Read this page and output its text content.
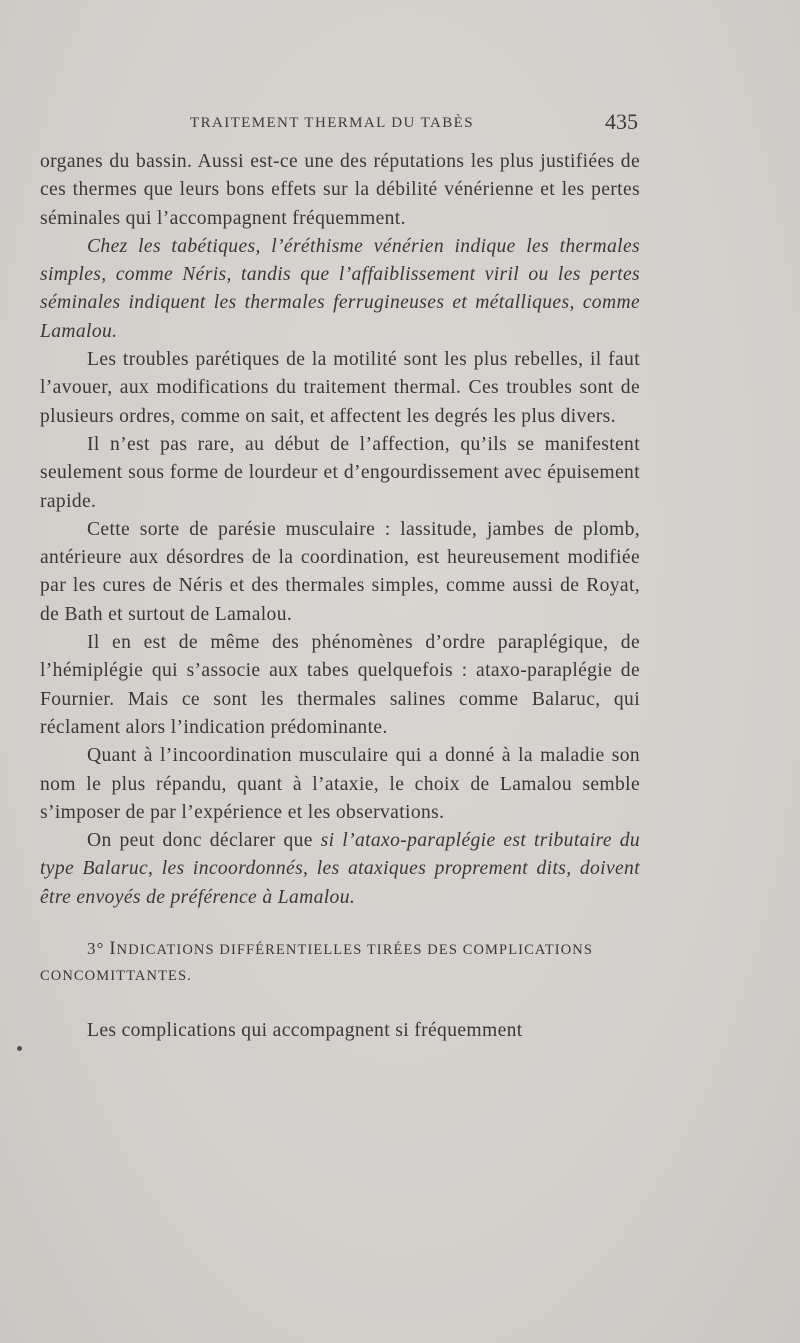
TRAITEMENT THERMAL DU TABÈS	435

organes du bassin. Aussi est-ce une des réputations les plus justifiées de ces thermes que leurs bons effets sur la débilité vénérienne et les pertes séminales qui l’accompagnent fréquemment.

Chez les tabétiques, l’éréthisme vénérien indique les thermales simples, comme Néris, tandis que l’affaiblissement viril ou les pertes séminales indiquent les thermales ferrugineuses et métalliques, comme Lamalou.

Les troubles parétiques de la motilité sont les plus rebelles, il faut l’avouer, aux modifications du traitement thermal. Ces troubles sont de plusieurs ordres, comme on sait, et affectent les degrés les plus divers.

Il n’est pas rare, au début de l’affection, qu’ils se manifestent seulement sous forme de lourdeur et d’engourdissement avec épuisement rapide.

Cette sorte de parésie musculaire : lassitude, jambes de plomb, antérieure aux désordres de la coordination, est heureusement modifiée par les cures de Néris et des thermales simples, comme aussi de Royat, de Bath et surtout de Lamalou.

Il en est de même des phénomènes d’ordre paraplégique, de l’hémiplégie qui s’associe aux tabes quelquefois : ataxo-paraplégie de Fournier. Mais ce sont les thermales salines comme Balaruc, qui réclament alors l’indication prédominante.

Quant à l’incoordination musculaire qui a donné à la maladie son nom le plus répandu, quant à l’ataxie, le choix de Lamalou semble s’imposer de par l’expérience et les observations.

On peut donc déclarer que si l’ataxo-paraplégie est tributaire du type Balaruc, les incoordonnés, les ataxiques proprement dits, doivent être envoyés de préférence à Lamalou.

3° INDICATIONS DIFFÉRENTIELLES TIRÉES DES COMPLICATIONS CONCOMITTANTES.

Les complications qui accompagnent si fréquemment
